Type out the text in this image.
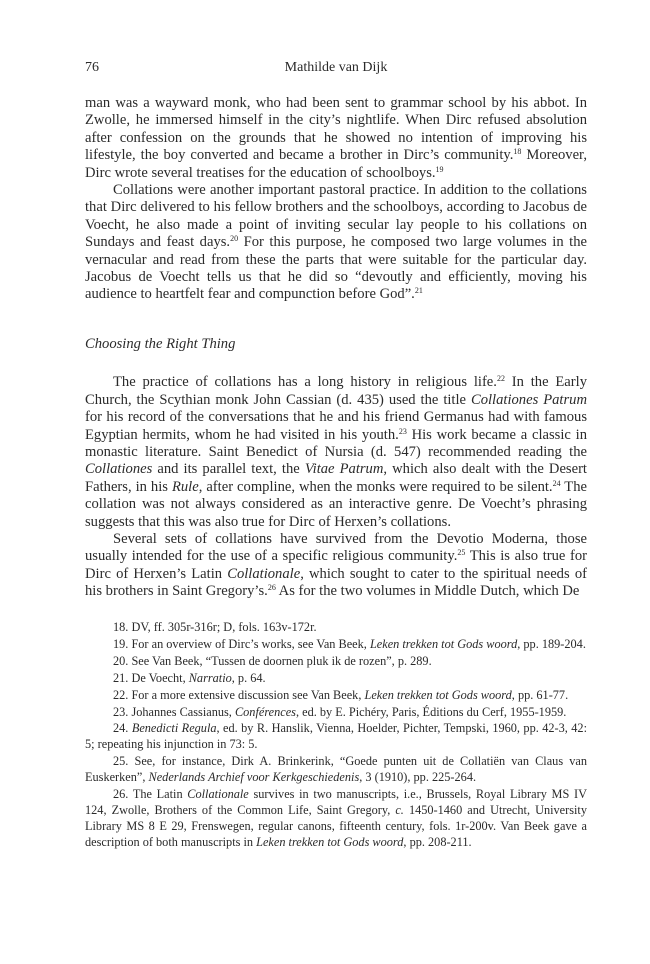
76	Mathilde van Dijk

man was a wayward monk, who had been sent to grammar school by his abbot. In Zwolle, he immersed himself in the city’s nightlife. When Dirc refused absolution after confession on the grounds that he showed no intention of improving his lifestyle, the boy converted and became a brother in Dirc’s community.$^{18}$ Moreover, Dirc wrote several treatises for the education of schoolboys.$^{19}$

Collations were another important pastoral practice. In addition to the collations that Dirc delivered to his fellow brothers and the schoolboys, according to Jacobus de Voecht, he also made a point of inviting secular lay people to his collations on Sundays and feast days.$^{20}$ For this purpose, he composed two large volumes in the vernacular and read from these the parts that were suitable for the particular day. Jacobus de Voecht tells us that he did so “devoutly and efficiently, moving his audience to heartfelt fear and compunction before God”.$^{21}$

Choosing the Right Thing

The practice of collations has a long history in religious life.$^{22}$ In the Early Church, the Scythian monk John Cassian (d. 435) used the title Collationes Patrum for his record of the conversations that he and his friend Germanus had with famous Egyptian hermits, whom he had visited in his youth.$^{23}$ His work became a classic in monastic literature. Saint Benedict of Nursia (d. 547) recommended reading the Collationes and its parallel text, the Vitae Patrum, which also dealt with the Desert Fathers, in his Rule, after compline, when the monks were required to be silent.$^{24}$ The collation was not always considered as an interactive genre. De Voecht’s phrasing suggests that this was also true for Dirc of Herxen’s collations.

Several sets of collations have survived from the Devotio Moderna, those usually intended for the use of a specific religious community.$^{25}$ This is also true for Dirc of Herxen’s Latin Collationale, which sought to cater to the spiritual needs of his brothers in Saint Gregory’s.$^{26}$ As for the two volumes in Middle Dutch, which De

18. DV, ff. 305r-316r; D, fols. 163v-172r.

19. For an overview of Dirc’s works, see Van Beek, Leken trekken tot Gods woord, pp. 189-204.

20. See Van Beek, “Tussen de doornen pluk ik de rozen”, p. 289.

21. De Voecht, Narratio, p. 64.

22. For a more extensive discussion see Van Beek, Leken trekken tot Gods woord, pp. 61-77.

23. Johannes Cassianus, Conférences, ed. by E. Pichéry, Paris, Éditions du Cerf, 1955-1959.

24. Benedicti Regula, ed. by R. Hanslik, Vienna, Hoelder, Pichter, Tempski, 1960, pp. 42-3, 42: 5; repeating his injunction in 73: 5.

25. See, for instance, Dirk A. Brinkerink, “Goede punten uit de Collatiën van Claus van Euskerken”, Nederlands Archief voor Kerkgeschiedenis, 3 (1910), pp. 225-264.

26. The Latin Collationale survives in two manuscripts, i.e., Brussels, Royal Library MS IV 124, Zwolle, Brothers of the Common Life, Saint Gregory, c. 1450-1460 and Utrecht, University Library MS 8 E 29, Frenswegen, regular canons, fifteenth century, fols. 1r-200v. Van Beek gave a description of both manuscripts in Leken trekken tot Gods woord, pp. 208-211.
